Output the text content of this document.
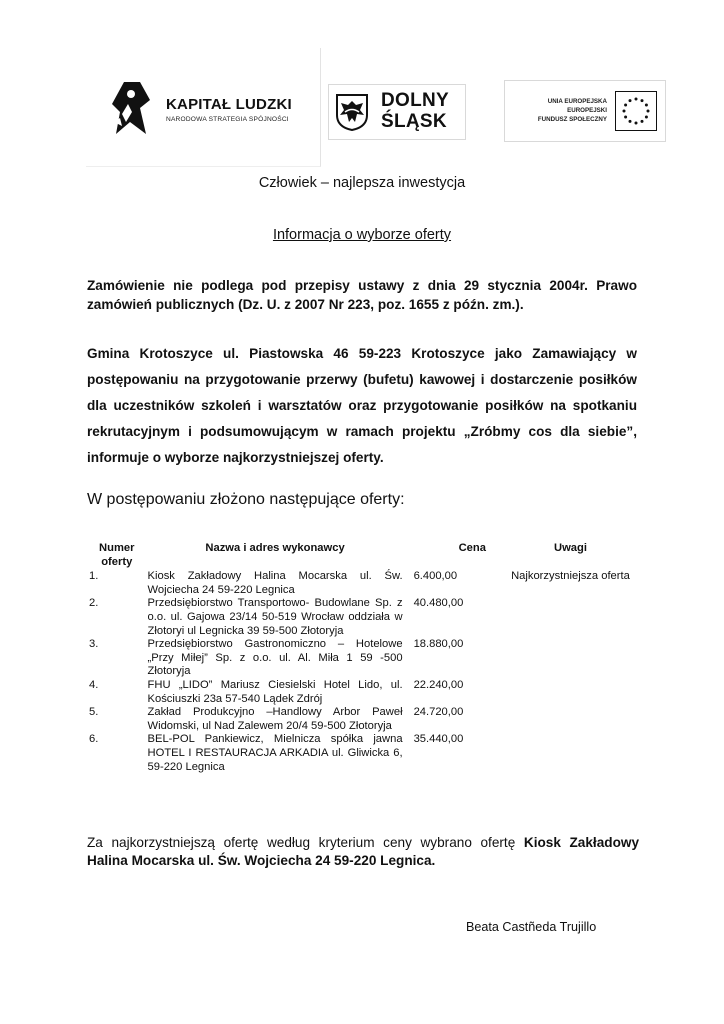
KAPITAŁ LUDZKI
NARODOWA STRATEGIA SPÓJNOŚCI
DOLNY
ŚLĄSK
UNIA EUROPEJSKA
EUROPEJSKI
FUNDUSZ SPOŁECZNY
Człowiek – najlepsza inwestycja
Informacja o wyborze oferty
Zamówienie nie podlega pod przepisy ustawy z dnia 29 stycznia 2004r. Prawo zamówień publicznych (Dz. U. z 2007 Nr 223, poz. 1655 z późn. zm.).
Gmina Krotoszyce ul. Piastowska 46 59-223 Krotoszyce jako Zamawiający w postępowaniu na przygotowanie przerwy (bufetu) kawowej i dostarczenie posiłków dla uczestników szkoleń i warsztatów oraz przygotowanie posiłków na spotkaniu rekrutacyjnym i podsumowującym w ramach projektu „Zróbmy cos dla siebie”, informuje o wyborze najkorzystniejszej oferty.
W postępowaniu złożono następujące oferty:
Numer oferty	Nazwa i adres wykonawcy	Cena	Uwagi
1.	Kiosk Zakładowy Halina Mocarska ul. Św. Wojciecha 24 59-220 Legnica	6.400,00	Najkorzystniejsza oferta
2.	Przedsiębiorstwo Transportowo- Budowlane Sp. z o.o. ul. Gajowa 23/14 50-519 Wrocław oddziała w Złotoryi ul Legnicka 39 59-500 Złotoryja	40.480,00	
3.	Przedsiębiorstwo Gastronomiczno – Hotelowe „Przy Miłej” Sp. z o.o. ul. Al. Miła 1 59 -500 Złotoryja	18.880,00	
4.	FHU „LIDO” Mariusz Ciesielski Hotel Lido, ul. Kościuszki 23a 57-540 Lądek Zdrój	22.240,00	
5.	Zakład Produkcyjno –Handlowy Arbor Paweł Widomski, ul Nad Zalewem 20/4 59-500 Złotoryja	24.720,00	
6.	BEL-POL Pankiewicz, Mielnicza spółka jawna HOTEL I RESTAURACJA ARKADIA ul. Gliwicka 6, 59-220 Legnica	35.440,00	
Za najkorzystniejszą ofertę według kryterium ceny wybrano ofertę Kiosk Zakładowy Halina Mocarska ul. Św. Wojciecha 24 59-220 Legnica.
Beata Castñeda Trujillo
